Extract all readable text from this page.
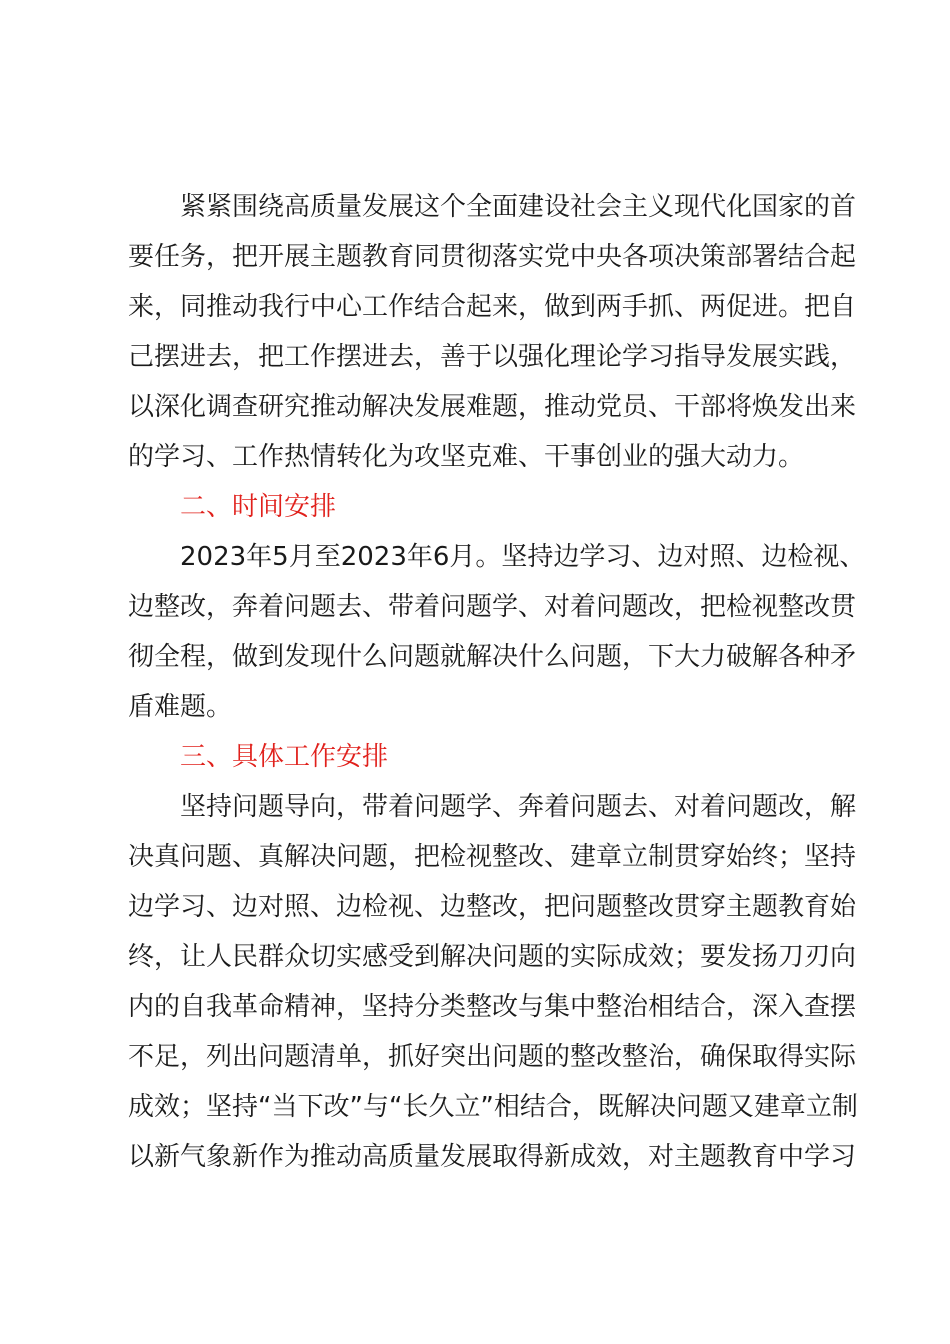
紧紧围绕高质量发展这个全面建设社会主义现代化国家的首
要任务，把开展主题教育同贯彻落实党中央各项决策部署结合起
来，同推动我行中心工作结合起来，做到两手抓、两促进。把自
己摆进去，把工作摆进去，善于以强化理论学习指导发展实践，
以深化调查研究推动解决发展难题，推动党员、干部将焕发出来
的学习、工作热情转化为攻坚克难、干事创业的强大动力。
二、时间安排
2023年5月至2023年6月。坚持边学习、边对照、边检视、
边整改，奔着问题去、带着问题学、对着问题改，把检视整改贯
彻全程，做到发现什么问题就解决什么问题，下大力破解各种矛
盾难题。
三、具体工作安排
坚持问题导向，带着问题学、奔着问题去、对着问题改，解
决真问题、真解决问题，把检视整改、建章立制贯穿始终；坚持
边学习、边对照、边检视、边整改，把问题整改贯穿主题教育始
终，让人民群众切实感受到解决问题的实际成效；要发扬刀刃向
内的自我革命精神，坚持分类整改与集中整治相结合，深入查摆
不足，列出问题清单，抓好突出问题的整改整治，确保取得实际
成效；坚持“当下改”与“长久立”相结合，既解决问题又建章立制
以新气象新作为推动高质量发展取得新成效，对主题教育中学习
